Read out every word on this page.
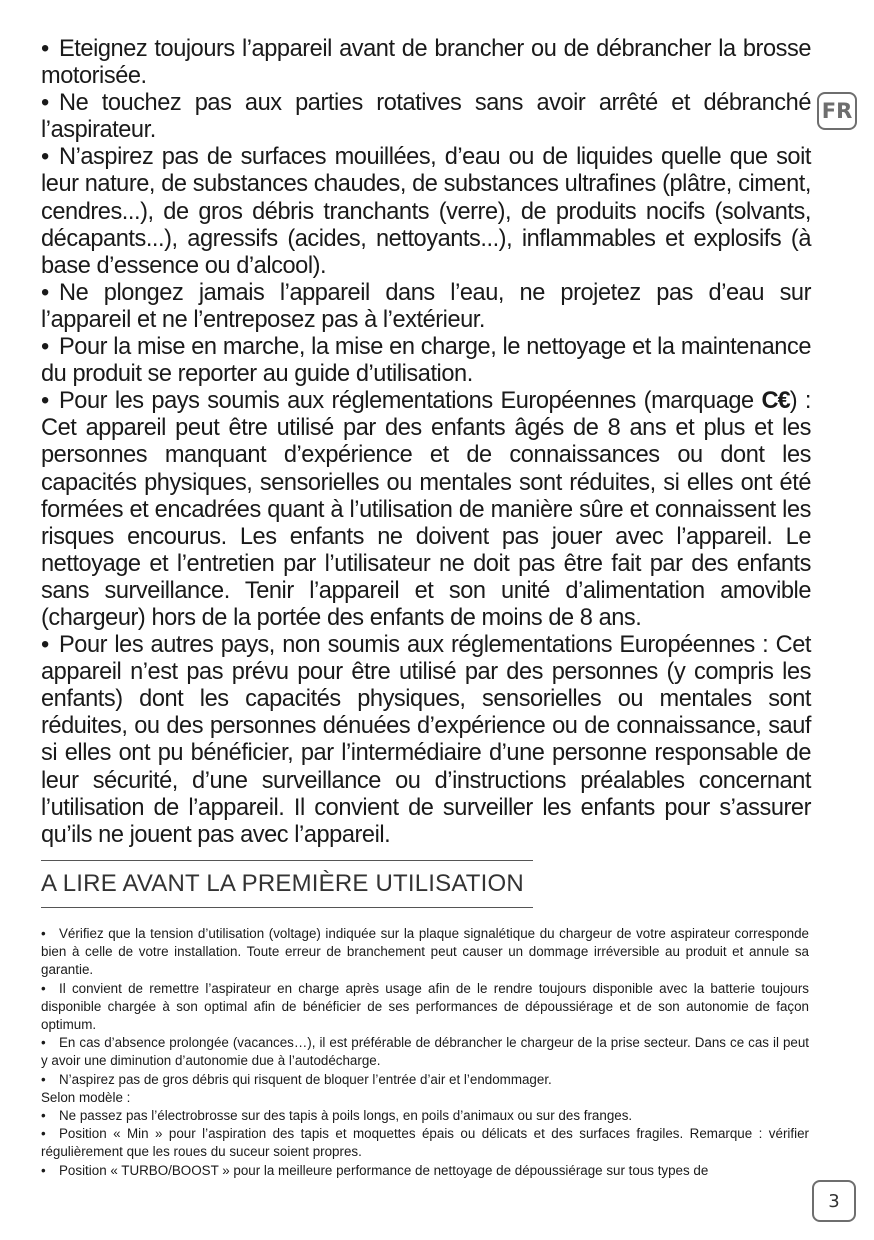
• Eteignez toujours l’appareil avant de brancher ou de débrancher la brosse motorisée.

• Ne touchez pas aux parties rotatives sans avoir arrêté et débranché l’aspirateur.

• N’aspirez pas de surfaces mouillées, d’eau ou de liquides quelle que soit leur nature, de substances chaudes, de substances ultrafines (plâtre, ciment, cendres...), de gros débris tranchants (verre), de produits nocifs (solvants, décapants...), agressifs (acides, nettoyants...), inflammables et explosifs (à base d’essence ou d’alcool).

• Ne plongez jamais l’appareil dans l’eau, ne projetez pas d’eau sur l’appareil et ne l’entreposez pas à l’extérieur.

• Pour la mise en marche, la mise en charge, le nettoyage et la maintenance du produit se reporter au guide d’utilisation.

• Pour les pays soumis aux réglementations Européennes (marquage C€) : Cet appareil peut être utilisé par des enfants âgés de 8 ans et plus et les personnes manquant d’expérience et de connaissances ou dont les capacités physiques, sensorielles ou mentales sont réduites, si elles ont été formées et encadrées quant à l’utilisation de manière sûre et connaissent les risques encourus. Les enfants ne doivent pas jouer avec l’appareil. Le nettoyage et l’entretien par l’utilisateur ne doit pas être fait par des enfants sans surveillance. Tenir l’appareil et son unité d’alimentation amovible (chargeur) hors de la portée des enfants de moins de 8 ans.

• Pour les autres pays, non soumis aux réglementations Européennes : Cet appareil n’est pas prévu pour être utilisé par des personnes (y compris les enfants) dont les capacités physiques, sensorielles ou mentales sont réduites, ou des personnes dénuées d’expérience ou de connaissance, sauf si elles ont pu bénéficier, par l’intermédiaire d’une personne responsable de leur sécurité, d’une surveillance ou d’instructions préalables concernant l’utilisation de l’appareil. Il convient de surveiller les enfants pour s’assurer qu’ils ne jouent pas avec l’appareil.

FR
A LIRE AVANT LA PREMIÈRE UTILISATION

• Vérifiez que la tension d’utilisation (voltage) indiquée sur la plaque signalétique du chargeur de votre aspirateur corresponde bien à celle de votre installation. Toute erreur de branchement peut causer un dommage irréversible au produit et annule sa garantie.

• Il convient de remettre l’aspirateur en charge après usage afin de le rendre toujours disponible avec la batterie toujours disponible chargée à son optimal afin de bénéficier de ses performances de dépoussiérage et de son autonomie de façon optimum.

• En cas d’absence prolongée (vacances…), il est préférable de débrancher le chargeur de la prise secteur. Dans ce cas il peut y avoir une diminution d’autonomie due à l’autodécharge.

• N’aspirez pas de gros débris qui risquent de bloquer l’entrée d’air et l’endommager.

Selon modèle :

• Ne passez pas l’électrobrosse sur des tapis à poils longs, en poils d’animaux ou sur des franges.

• Position « Min » pour l’aspiration des tapis et moquettes épais ou délicats et des surfaces fragiles. Remarque : vérifier régulièrement que les roues du suceur soient propres.

• Position « TURBO/BOOST » pour la meilleure performance de nettoyage de dépoussiérage sur tous types de

3
